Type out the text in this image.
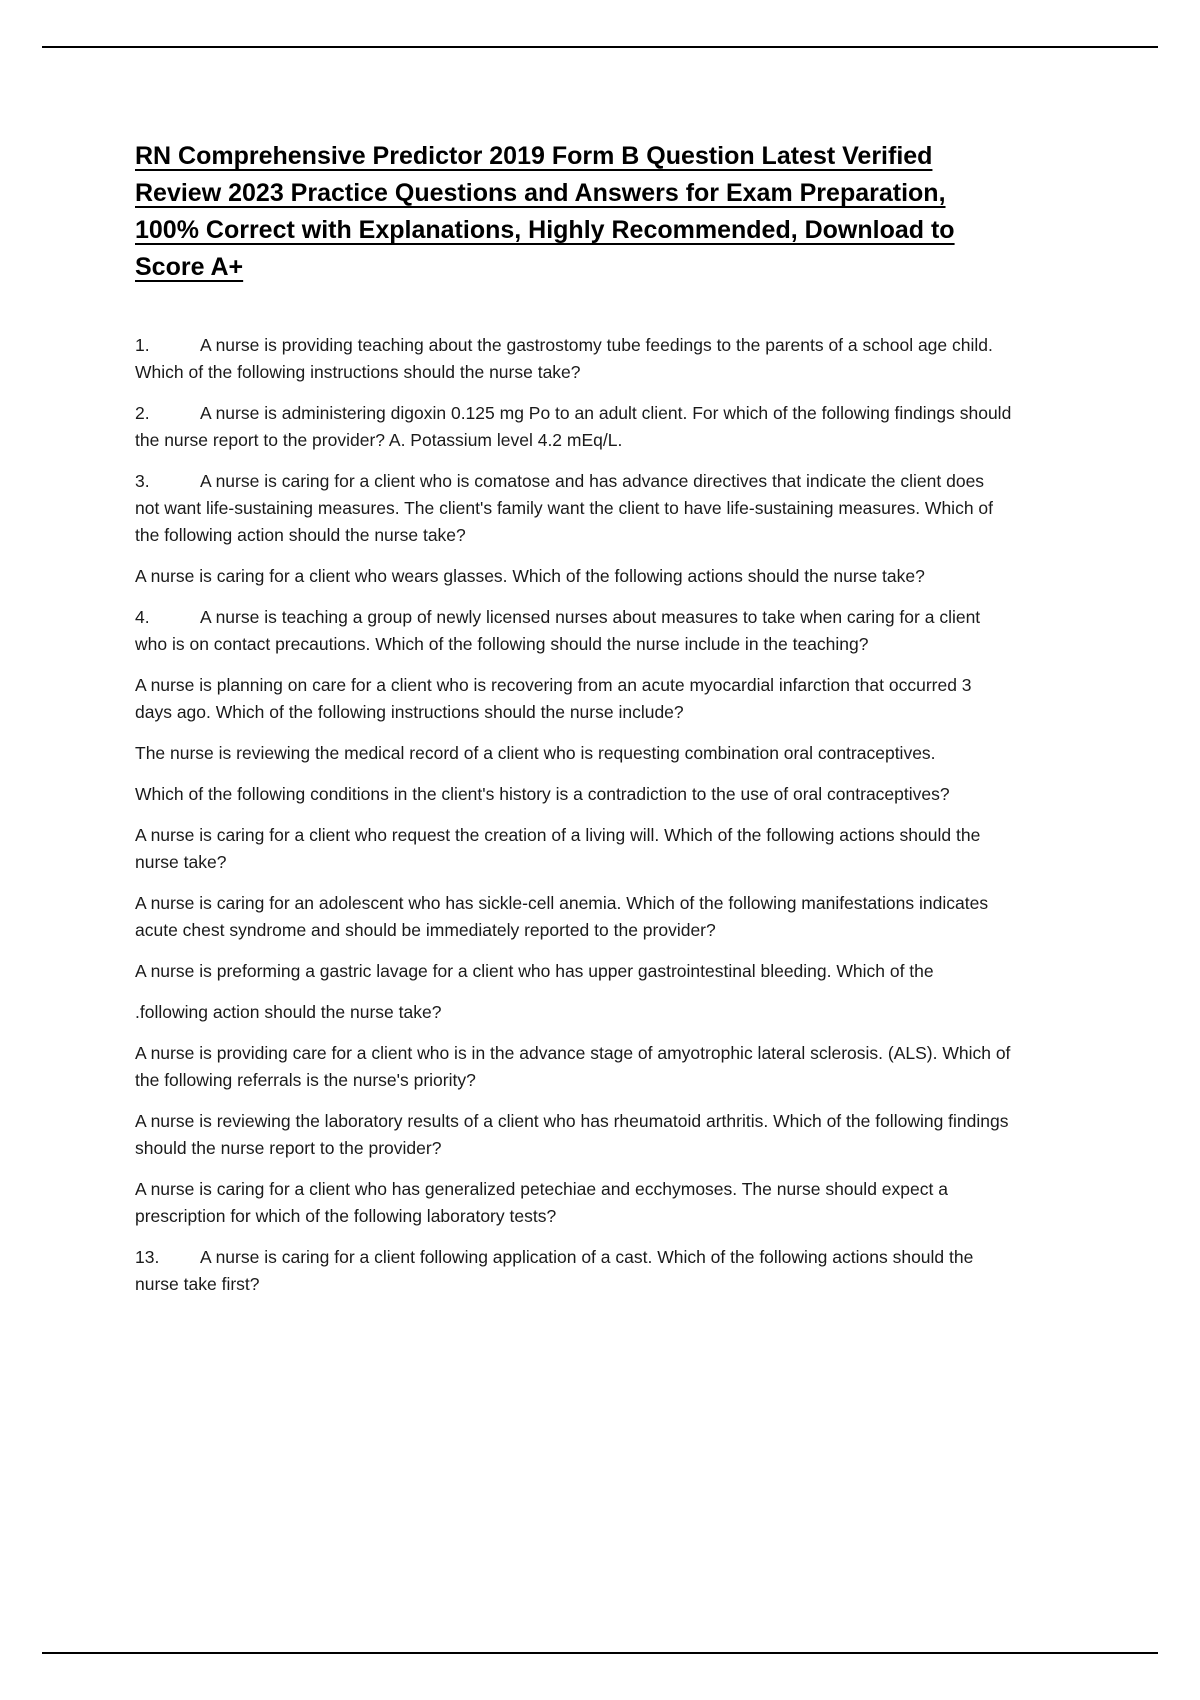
RN Comprehensive Predictor 2019 Form B Question Latest Verified Review 2023 Practice Questions and Answers for Exam Preparation, 100% Correct with Explanations, Highly Recommended, Download to Score A+

1.	A nurse is providing teaching about the gastrostomy tube feedings to the parents of a school age child. Which of the following instructions should the nurse take?

2.	A nurse is administering digoxin 0.125 mg Po to an adult client. For which of the following findings should the nurse report to the provider? A. Potassium level 4.2 mEq/L.

3.	A nurse is caring for a client who is comatose and has advance directives that indicate the client does not want life-sustaining measures. The client's family want the client to have life-sustaining measures. Which of the following action should the nurse take?

A nurse is caring for a client who wears glasses. Which of the following actions should the nurse take?

4.	A nurse is teaching a group of newly licensed nurses about measures to take when caring for a client who is on contact precautions. Which of the following should the nurse include in the teaching?

A nurse is planning on care for a client who is recovering from an acute myocardial infarction that occurred 3 days ago. Which of the following instructions should the nurse include?

The nurse is reviewing the medical record of a client who is requesting combination oral contraceptives.

Which of the following conditions in the client's history is a contradiction to the use of oral contraceptives?

A nurse is caring for a client who request the creation of a living will. Which of the following actions should the nurse take?

A nurse is caring for an adolescent who has sickle-cell anemia. Which of the following manifestations indicates acute chest syndrome and should be immediately reported to the provider?

A nurse is preforming a gastric lavage for a client who has upper gastrointestinal bleeding. Which of the

.following action should the nurse take?

A nurse is providing care for a client who is in the advance stage of amyotrophic lateral sclerosis. (ALS). Which of the following referrals is the nurse's priority?

A nurse is reviewing the laboratory results of a client who has rheumatoid arthritis. Which of the following findings should the nurse report to the provider?

A nurse is caring for a client who has generalized petechiae and ecchymoses. The nurse should expect a prescription for which of the following laboratory tests?

13. A nurse is caring for a client following application of a cast. Which of the following actions should the nurse take first?
